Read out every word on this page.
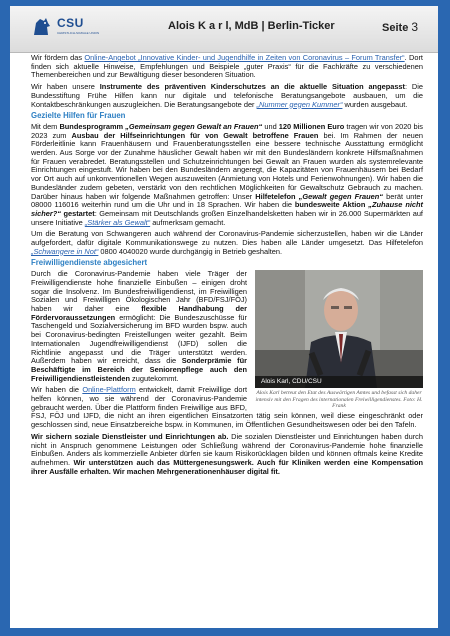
CSU
CHRISTLICH-SOZIALE UNION
Alois K a r l, MdB | Berlin-Ticker	Seite 3

Wir fördern das Online-Angebot „Innovative Kinder- und Jugendhilfe in Zeiten von Coronavirus – Forum Transfer“. Dort finden sich aktuelle Hinweise, Empfehlungen und Beispiele „guter Praxis“ für die Fachkräfte zu verschiedenen Themenbereichen und zur Bewältigung dieser besonderen Situation.

Wir haben unsere Instrumente des präventiven Kinderschutzes an die aktuelle Situation angepasst: Die Bundesstiftung Frühe Hilfen kann nur digitale und telefonische Beratungsangebote ausbauen, um die Kontaktbeschränkungen auszugleichen. Die Beratungsangebote der „Nummer gegen Kummer“ wurden ausgebaut.

Gezielte Hilfen für Frauen

Mit dem Bundesprogramm „Gemeinsam gegen Gewalt an Frauen“ und 120 Millionen Euro tragen wir von 2020 bis 2023 zum Ausbau der Hilfseinrichtungen für von Gewalt betroffene Frauen bei. Im Rahmen der neuen Förderleitlinie kann Frauenhäusern und Frauenberatungsstellen eine bessere technische Ausstattung ermöglicht werden. Aus Sorge vor der Zunahme häuslicher Gewalt haben wir mit den Bundesländern konkrete Hilfsmaßnahmen für Frauen verabredet. Beratungsstellen und Schutzeinrichtungen bei Gewalt an Frauen wurden als systemrelevante Einrichtungen eingestuft. Wir haben bei den Bundesländern angeregt, die Kapazitäten von Frauenhäusern bei Bedarf vor Ort auch auf unkonventionellen Wegen auszuweiten (Anmietung von Hotels und Ferienwohnungen). Wir haben die Bundesländer zudem gebeten, verstärkt von den rechtlichen Möglichkeiten für Gewaltschutz Gebrauch zu machen. Darüber hinaus haben wir folgende Maßnahmen getroffen: Unser Hilfetelefon „Gewalt gegen Frauen“ berät unter 08000 116016 weiterhin rund um die Uhr und in 18 Sprachen. Wir haben die bundesweite Aktion „Zuhause nicht sicher?“ gestartet: Gemeinsam mit Deutschlands großen Einzelhandelsketten haben wir in 26.000 Supermärkten auf unsere Initiative „Stärker als Gewalt“ aufmerksam gemacht.

Um die Beratung von Schwangeren auch während der Coronavirus-Pandemie sicherzustellen, haben wir die Länder aufgefordert, dafür digitale Kommunikationswege zu nutzen. Dies haben alle Länder umgesetzt. Das Hilfetelefon „Schwangere in Not“ 0800 4040020 wurde durchgängig in Betrieb geshalten.

Freiwilligendienste abgesichert
Alois Karl, CDU/CSU
Alois Karl betreut den Etat des Auswärtigen Amtes und befasst sich daher intensiv mit den Fragen des internationalen Freiwilligendienstes. Foto: H. Frank

Durch die Coronavirus-Pandemie haben viele Träger der Freiwilligendienste hohe finanzielle Einbußen – einigen droht sogar die Insolvenz. Im Bundesfreiwilligendienst, im Freiwilligen Sozialen und Freiwilligen Ökologischen Jahr (BFD/FSJ/FÖJ) haben wir daher eine flexible Handhabung der Fördervoraussetzungen ermöglicht: Die Bundeszuschüsse für Taschengeld und Sozialversicherung im BFD wurden bspw. auch bei Coronavirus-bedingten Freistellungen weiter gezahlt. Beim Internationalen Jugendfreiwilligendienst (IJFD) sollen die Richtlinie angepasst und die Träger unterstützt werden. Außerdem haben wir erreicht, dass die Sonderprämie für Beschäftigte im Bereich der Seniorenpflege auch den Freiwilligendienstleistenden zugutekommt.

Wir haben die Online-Plattform entwickelt, damit Freiwillige dort helfen können, wo sie während der Coronavirus-Pandemie gebraucht werden. Über die Plattform finden Freiwillige aus BFD, FSJ, FÖJ und IJFD, die nicht an ihren eigentlichen Einsatzorten tätig sein können, weil diese eingeschränkt oder geschlossen sind, neue Einsatzbereiche bspw. in Kommunen, im Öffentlichen Gesundheitswesen oder bei den Tafeln.

Wir sichern soziale Dienstleister und Einrichtungen ab. Die sozialen Dienstleister und Einrichtungen haben durch nicht in Anspruch genommene Leistungen oder Schließung während der Coronavirus-Pandemie hohe finanzielle Einbußen. Anders als kommerzielle Anbieter dürfen sie kaum Risikorücklagen bilden und können oftmals keine Kredite aufnehmen. Wir unterstützen auch das Müttergenesungswerk. Auch für Kliniken werden eine Kompensation ihrer Ausfälle erhalten. Wir machen Mehrgenerationenhäuser digital fit.
